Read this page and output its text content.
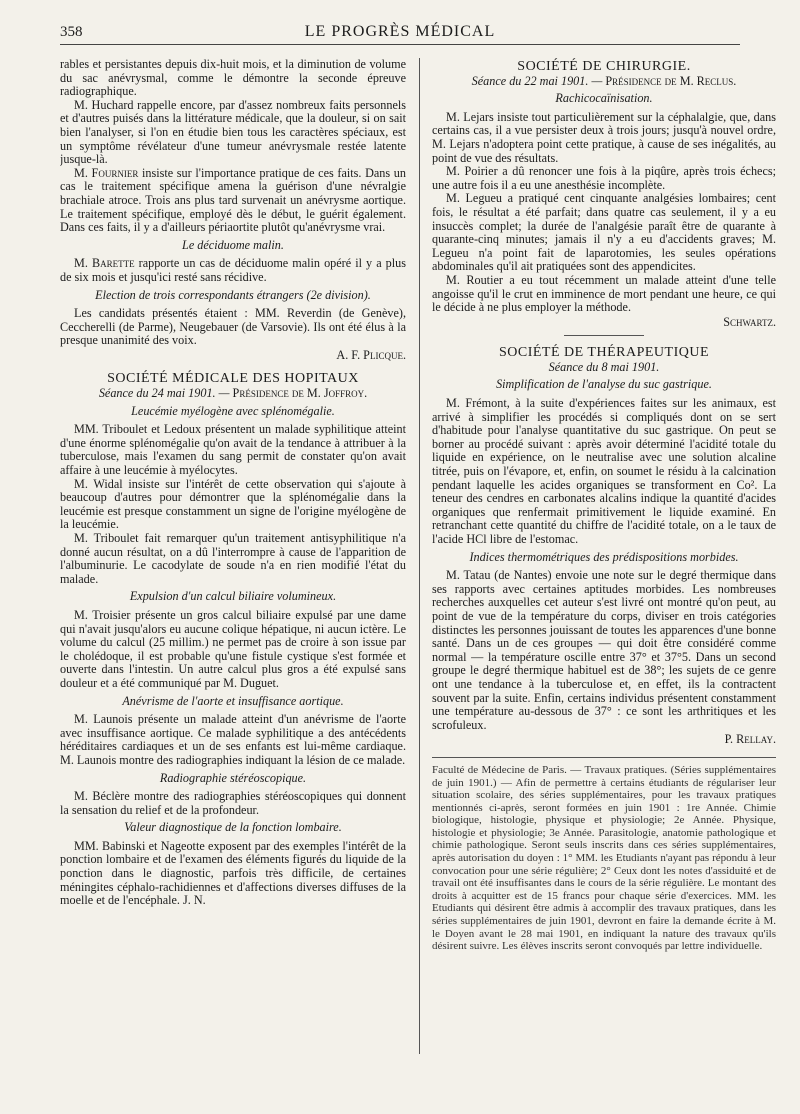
358	LE PROGRÈS MÉDICAL

rables et persistantes depuis dix-huit mois, et la diminution de volume du sac anévrysmal, comme le démontre la seconde épreuve radiographique.

M. Huchard rappelle encore, par d'assez nombreux faits personnels et d'autres puisés dans la littérature médicale, que la douleur, si on sait bien l'analyser, si l'on en étudie bien tous les caractères spéciaux, est un symptôme révélateur d'une tumeur anévrysmale restée latente jusque-là.

M. Fournier insiste sur l'importance pratique de ces faits. Dans un cas le traitement spécifique amena la guérison d'une névralgie brachiale atroce. Trois ans plus tard survenait un anévrysme aortique. Le traitement spécifique, employé dès le début, le guérit également. Dans ces faits, il y a d'ailleurs périaortite plutôt qu'anévrysme vrai.

Le déciduome malin.

M. Barette rapporte un cas de déciduome malin opéré il y a plus de six mois et jusqu'ici resté sans récidive.

Election de trois correspondants étrangers (2e division).

Les candidats présentés étaient : MM. Reverdin (de Genève), Ceccherelli (de Parme), Neugebauer (de Varsovie). Ils ont été élus à la presque unanimité des voix.

A. F. Plicque.

SOCIÉTÉ MÉDICALE DES HOPITAUX
Séance du 24 mai 1901. — Présidence de M. Joffroy.
Leucémie myélogène avec splénomégalie.

MM. Triboulet et Ledoux présentent un malade syphilitique atteint d'une énorme splénomégalie qu'on avait de la tendance à attribuer à la tuberculose, mais l'examen du sang permit de constater qu'on avait affaire à une leucémie à myélocytes.

M. Widal insiste sur l'intérêt de cette observation qui s'ajoute à beaucoup d'autres pour démontrer que la splénomégalie dans la leucémie est presque constamment un signe de l'origine myélogène de la leucémie.

M. Triboulet fait remarquer qu'un traitement antisyphilitique n'a donné aucun résultat, on a dû l'interrompre à cause de l'apparition de l'albuminurie. Le cacodylate de soude n'a en rien modifié l'état du malade.

Expulsion d'un calcul biliaire volumineux.

M. Troisier présente un gros calcul biliaire expulsé par une dame qui n'avait jusqu'alors eu aucune colique hépatique, ni aucun ictère. Le volume du calcul (25 millim.) ne permet pas de croire à son issue par le cholédoque, il est probable qu'une fistule cystique s'est formée et ouverte dans l'intestin. Un autre calcul plus gros a été expulsé sans douleur et a été communiqué par M. Duguet.

Anévrisme de l'aorte et insuffisance aortique.

M. Launois présente un malade atteint d'un anévrisme de l'aorte avec insuffisance aortique. Ce malade syphilitique a des antécédents héréditaires cardiaques et un de ses enfants est lui-même cardiaque. M. Launois montre des radiographies indiquant la lésion de ce malade.

Radiographie stéréoscopique.

M. Béclère montre des radiographies stéréoscopiques qui donnent la sensation du relief et de la profondeur.

Valeur diagnostique de la fonction lombaire.

MM. Babinski et Nageotte exposent par des exemples l'intérêt de la ponction lombaire et de l'examen des éléments figurés du liquide de la ponction dans le diagnostic, parfois très difficile, de certaines méningites céphalo-rachidiennes et d'affections diverses diffuses de la moelle et de l'encéphale. J. N.

SOCIÉTÉ DE CHIRURGIE.
Séance du 22 mai 1901. — Présidence de M. Reclus.
Rachicocaïnisation.

M. Lejars insiste tout particulièrement sur la céphalalgie, que, dans certains cas, il a vue persister deux à trois jours; jusqu'à nouvel ordre, M. Lejars n'adoptera point cette pratique, à cause de ses inégalités, au point de vue des résultats.

M. Poirier a dû renoncer une fois à la piqûre, après trois échecs; une autre fois il a eu une anesthésie incomplète.

M. Legueu a pratiqué cent cinquante analgésies lombaires; cent fois, le résultat a été parfait; dans quatre cas seulement, il y a eu insuccès complet; la durée de l'analgésie paraît être de quarante à quarante-cinq minutes; jamais il n'y a eu d'accidents graves; M. Legueu n'a point fait de laparotomies, les seules opérations abdominales qu'il ait pratiquées sont des appendicites.

M. Routier a eu tout récemment un malade atteint d'une telle angoisse qu'il le crut en imminence de mort pendant une heure, ce qui le décide à ne plus employer la méthode.

Schwartz.

SOCIÉTÉ DE THÉRAPEUTIQUE
Séance du 8 mai 1901.
Simplification de l'analyse du suc gastrique.

M. Frémont, à la suite d'expériences faites sur les animaux, est arrivé à simplifier les procédés si compliqués dont on se sert d'habitude pour l'analyse quantitative du suc gastrique. On peut se borner au procédé suivant : après avoir déterminé l'acidité totale du liquide en expérience, on le neutralise avec une solution alcaline titrée, puis on l'évapore, et, enfin, on soumet le résidu à la calcination pendant laquelle les acides organiques se transforment en Co². La teneur des cendres en carbonates alcalins indique la quantité d'acides organiques que renfermait primitivement le liquide examiné. En retranchant cette quantité du chiffre de l'acidité totale, on a le taux de l'acide HCl libre de l'estomac.

Indices thermométriques des prédispositions morbides.

M. Tatau (de Nantes) envoie une note sur le degré thermique dans ses rapports avec certaines aptitudes morbides. Les nombreuses recherches auxquelles cet auteur s'est livré ont montré qu'on peut, au point de vue de la température du corps, diviser en trois catégories distinctes les personnes jouissant de toutes les apparences d'une bonne santé. Dans un de ces groupes — qui doit être considéré comme normal — la température oscille entre 37° et 37°5. Dans un second groupe le degré thermique habituel est de 38°; les sujets de ce genre ont une tendance à la tuberculose et, en effet, ils la contractent souvent par la suite. Enfin, certains individus présentent constamment une température au-dessous de 37° : ce sont les arthritiques et les scrofuleux.

P. Rellay.

Faculté de Médecine de Paris. — Travaux pratiques. (Séries supplémentaires de juin 1901.) — Afin de permettre à certains étudiants de régulariser leur situation scolaire, des séries supplémentaires, pour les travaux pratiques mentionnés ci-après, seront formées en juin 1901 : 1re Année. Chimie biologique, histologie, physique et physiologie; 2e Année. Physique, histologie et physiologie; 3e Année. Parasitologie, anatomie pathologique et chimie pathologique. Seront seuls inscrits dans ces séries supplémentaires, après autorisation du doyen : 1° MM. les Etudiants n'ayant pas répondu à leur convocation pour une série régulière; 2° Ceux dont les notes d'assiduité et de travail ont été insuffisantes dans le cours de la série régulière. Le montant des droits à acquitter est de 15 francs pour chaque série d'exercices. MM. les Etudiants qui désirent être admis à accomplir des travaux pratiques, dans les séries supplémentaires de juin 1901, devront en faire la demande écrite à M. le Doyen avant le 28 mai 1901, en indiquant la nature des travaux qu'ils désirent suivre. Les élèves inscrits seront convoqués par lettre individuelle.
